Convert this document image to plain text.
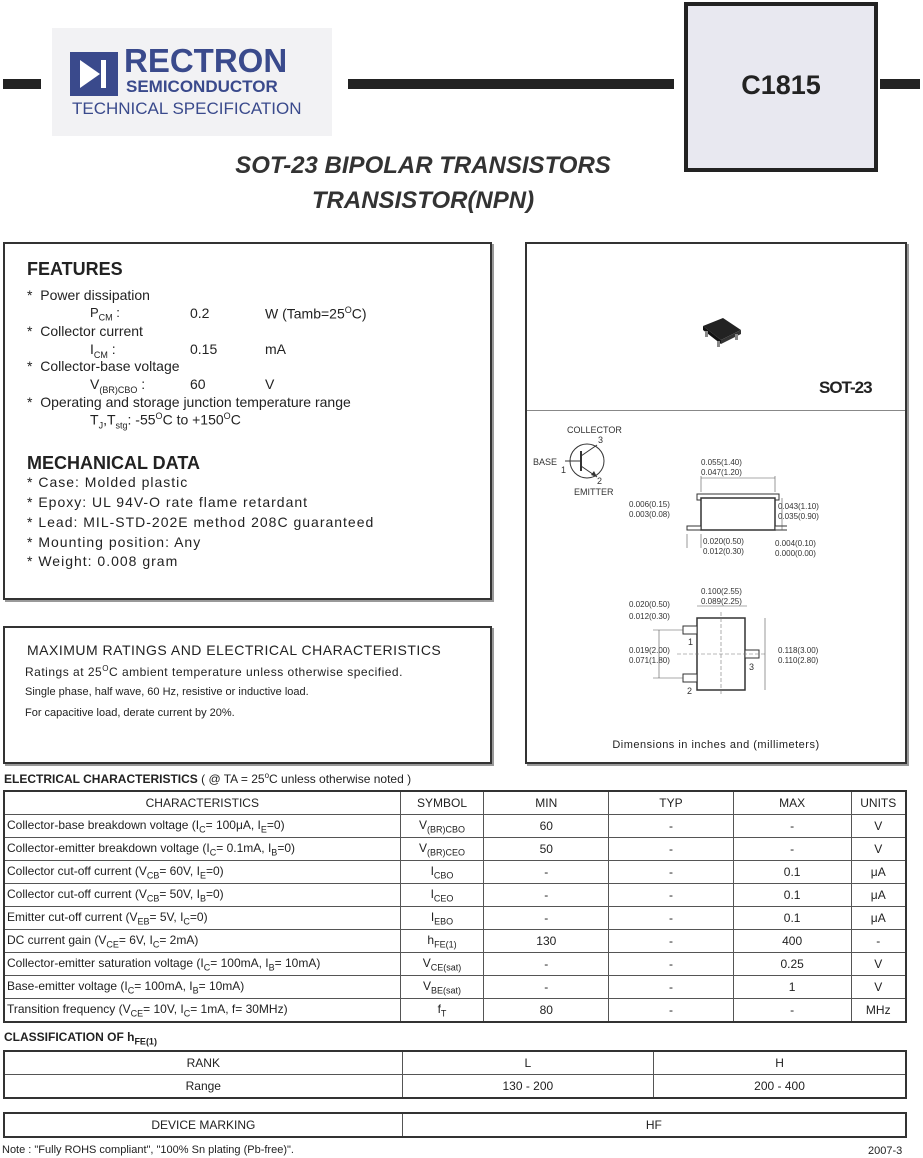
RECTRON
SEMICONDUCTOR
TECHNICAL SPECIFICATION
C1815
SOT-23 BIPOLAR TRANSISTORS
TRANSISTOR(NPN)
FEATURES
*  Power dissipation
$P_{CM}$ :	0.2	W $(Tamb=25^OC)$
*  Collector current
$I_{CM}$ :	0.15	mA
*  Collector-base voltage
$V_{(BR)CBO}$ :	60	V
*  Operating and storage junction temperature range
$T_J,T_{stg}$: $-55^OC$ to $+150^OC$
MECHANICAL DATA
* Case: Molded plastic
* Epoxy: UL 94V-O rate flame retardant
* Lead: MIL-STD-202E method 208C guaranteed
* Mounting position: Any
* Weight: 0.008 gram
SOT-23
COLLECTOR
3
BASE
1
2
EMITTER
0.055(1.40)
0.047(1.20)
0.006(0.15)
0.003(0.08)
0.043(1.10)
0.035(0.90)
0.020(0.50)
0.012(0.30)
0.004(0.10)
0.000(0.00)
0.100(2.55)
0.089(2.25)
0.020(0.50)
0.012(0.30)
0.019(2.00)
0.071(1.80)
0.118(3.00)
0.110(2.80)
1
3
2
Dimensions in inches and (millimeters)
MAXIMUM RATINGS AND ELECTRICAL CHARACTERISTICS
Ratings at $25^OC$ ambient temperature unless otherwise specified.
Single phase, half wave, 60 Hz, resistive or inductive load.
For capacitive load, derate current by 20%.
ELECTRICAL CHARACTERISTICS ( @ TA = $25^oC$ unless otherwise noted )
CHARACTERISTICS	SYMBOL	MIN	TYP	MAX	UNITS
Collector-base breakdown voltage ($I_C= 100\mu A$, $I_E=0$)	$V_{(BR)CBO}$	60	-	-	V
Collector-emitter breakdown voltage ($I_C= 0.1mA$, $I_B=0$)	$V_{(BR)CEO}$	50	-	-	V
Collector cut-off current ($V_{CB}= 60V$, $I_E=0$)	$I_{CBO}$	-	-	0.1	μA
Collector cut-off current ($V_{CB}= 50V$, $I_B=0$)	$I_{CEO}$	-	-	0.1	μA
Emitter cut-off current ($V_{EB}= 5V$, $I_C=0$)	$I_{EBO}$	-	-	0.1	μA
DC current gain ($V_{CE}= 6V$, $I_C= 2mA$)	$h_{FE(1)}$	130	-	400	-
Collector-emitter saturation voltage ($I_C= 100mA$, $I_B= 10mA$)	$V_{CE(sat)}$	-	-	0.25	V
Base-emitter voltage ($I_C= 100mA$, $I_B= 10mA$)	$V_{BE(sat)}$	-	-	1	V
Transition frequency ($V_{CE}= 10V$, $I_C= 1mA$, f= 30MHz)	$f_T$	80	-	-	MHz
CLASSIFICATION OF $h_{FE(1)}$
RANK	L	H
Range	130 - 200	200 - 400
DEVICE MARKING	HF
Note : "Fully ROHS compliant", "100% Sn plating (Pb-free)".	2007-3
